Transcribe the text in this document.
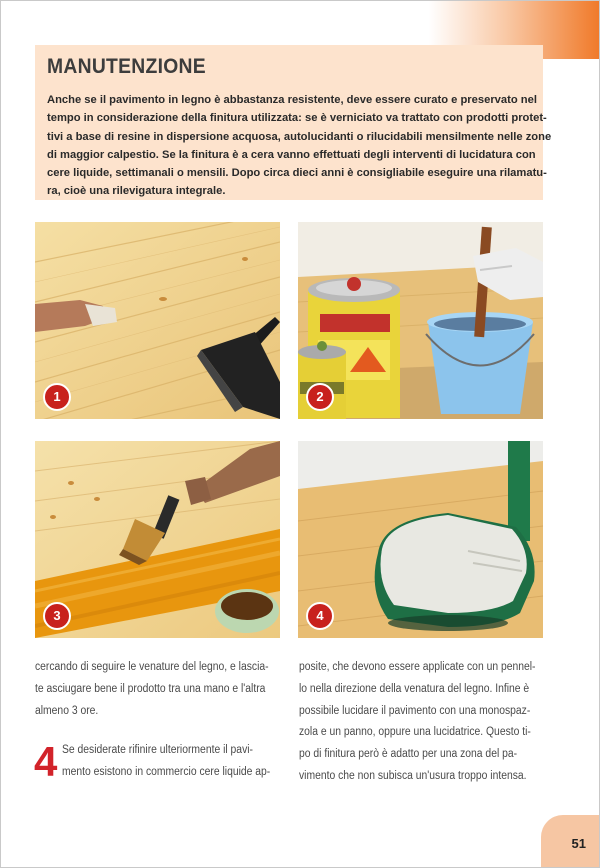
MANUTENZIONE
Anche se il pavimento in legno è abbastanza resistente, deve essere curato e preservato nel
tempo in considerazione della finitura utilizzata: se è verniciato va trattato con prodotti protet-
tivi a base di resine in dispersione acquosa, autolucidanti o rilucidabili mensilmente nelle zone
di maggior calpestio. Se la finitura è a cera vanno effettuati degli interventi di lucidatura con
cere liquide, settimanali o mensili. Dopo circa dieci anni è consigliabile eseguire una rilamatu-
ra, cioè una rilevigatura integrale.
1	2
3	4
cercando di seguire le venature del legno, e lascia-
te asciugare bene il prodotto tra una mano e l'altra
almeno 3 ore.
4 Se desiderate rifinire ulteriormente il pavi-
mento esistono in commercio cere liquide ap-
posite, che devono essere applicate con un pennel-
lo nella direzione della venatura del legno. Infine è
possibile lucidare il pavimento con una monospaz-
zola e un panno, oppure una lucidatrice. Questo ti-
po di finitura però è adatto per una zona del pa-
vimento che non subisca un'usura troppo intensa.
51
